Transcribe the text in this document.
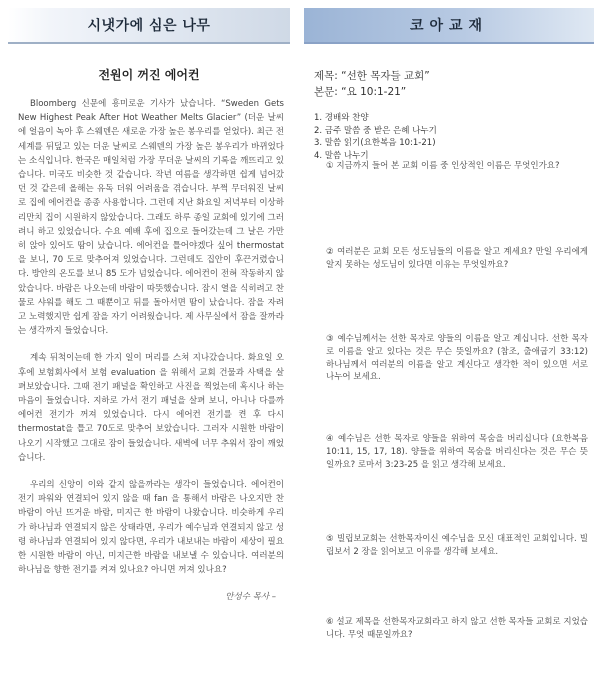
시냇가에 심은 나무
전원이 꺼진 에어컨

Bloomberg 신문에 흥미로운 기사가 났습니다. “Sweden Gets New Highest Peak After Hot Weather Melts Glacier” (더운 날씨에 얼음이 녹아 후 스웨덴은 새로운 가장 높은 봉우리를 얻었다). 최근 전 세계를 뒤덮고 있는 더운 날씨로 스웨덴의 가장 높은 봉우리가 바뀌었다는 소식입니다. 한국은 매일처럼 가장 무더운 날씨의 기록을 깨뜨리고 있습니다. 미국도 비슷한 것 같습니다. 작년 여름을 생각하면 쉽게 넘어갔던 것 같은데 올해는 유독 더워 어려움을 겪습니다. 부쩍 무더워진 날씨로 집에 에어컨을 종종 사용합니다. 그런데 지난 화요일 저녁부터 이상하리만치 집이 시원하지 않았습니다. 그래도 하루 종일 교회에 있기에 그러려니 하고 있었습니다. 수요 예배 후에 집으로 들어갔는데 그 날은 가만히 앉아 있어도 땀이 났습니다. 에어컨을 틀어야겠다 싶어 thermostat 을 보니, 70 도로 맞추어져 있었습니다. 그런데도 집안이 후끈거렸습니다. 방안의 온도를 보니 85 도가 넘었습니다. 에어컨이 전혀 작동하지 않았습니다. 바람은 나오는데 바람이 따뜻했습니다. 잠시 열을 식히려고 찬물로 샤워를 해도 그 때뿐이고 뒤를 돌아서면 땀이 났습니다. 잠을 자려고 노력했지만 쉽게 잠을 자기 어려웠습니다. 제 사무실에서 잠을 잘까라는 생각까지 들었습니다.

계속 뒤척이는데 한 가지 일이 머리를 스쳐 지나갔습니다. 화요일 오후에 보험회사에서 보험 evaluation 을 위해서 교회 건물과 사택을 살펴보았습니다. 그때 전기 패널을 확인하고 사진을 찍었는데 혹시나 하는 마음이 들었습니다. 지하로 가서 전기 패널을 살펴 보니, 아니나 다를까 에어컨 전기가 꺼져 있었습니다. 다시 에어컨 전기를 켠 후 다시 thermostat을 틀고 70도로 맞추어 보았습니다. 그러자 시원한 바람이 나오기 시작했고 그대로 잠이 들었습니다. 새벽에 너무 추워서 잠이 깨었습니다.

우리의 신앙이 이와 같지 않을까라는 생각이 들었습니다. 에어컨이 전기 파워와 연결되어 있지 않을 때 fan 을 통해서 바람은 나오지만 찬 바람이 아닌 뜨거운 바람, 미지근 한 바람이 나왔습니다. 비슷하게 우리가 하나님과 연결되지 않은 상태라면, 우리가 예수님과 연결되지 않고 성령 하나님과 연결되어 있지 않다면, 우리가 내보내는 바람이 세상이 필요한 시원한 바람이 아닌, 미지근한 바람을 내보낼 수 있습니다. 여러분의 하나님을 향한 전기를 켜져 있나요? 아니면 꺼져 있나요?

안성수 목사 –
코아교재
제목: “선한 목자들 교회”
본문: “요 10:1-21”
1. 경배와 찬양
2. 금주 말씀 중 받은 은혜 나누기
3. 말씀 읽기(요한복음 10:1-21)
4. 말씀 나누기
① 지금까지 들어 본 교회 이름 중 인상적인 이름은 무엇인가요?
② 여러분은 교회 모든 성도님들의 이름을 알고 계세요? 만일 우리에게 알지 못하는 성도님이 있다면 이유는 무엇일까요?
③ 예수님께서는 선한 목자로 양들의 이름을 알고 계십니다. 선한 목자로 이름을 알고 있다는 것은 무슨 뜻일까요? (참조, 출애굽기 33:12) 하나님께서 여러분의 이름을 알고 계신다고 생각한 적이 있으면 서로 나누어 보세요.
④ 예수님은 선한 목자로 양들을 위하여 목숨을 버리십니다 (요한복음 10:11, 15, 17, 18). 양들을 위하여 목숨을 버리신다는 것은 무슨 뜻일까요? 로마서 3:23-25 을 읽고 생각해 보세요.
⑤ 빌립보교회는 선한목자이신 예수님을 모신 대표적인 교회입니다. 빌립보서 2 장을 읽어보고 이유를 생각해 보세요.
⑥ 설교 제목을 선한목자교회라고 하지 않고 선한 목자들 교회로 지었습니다. 무엇 때문일까요?
